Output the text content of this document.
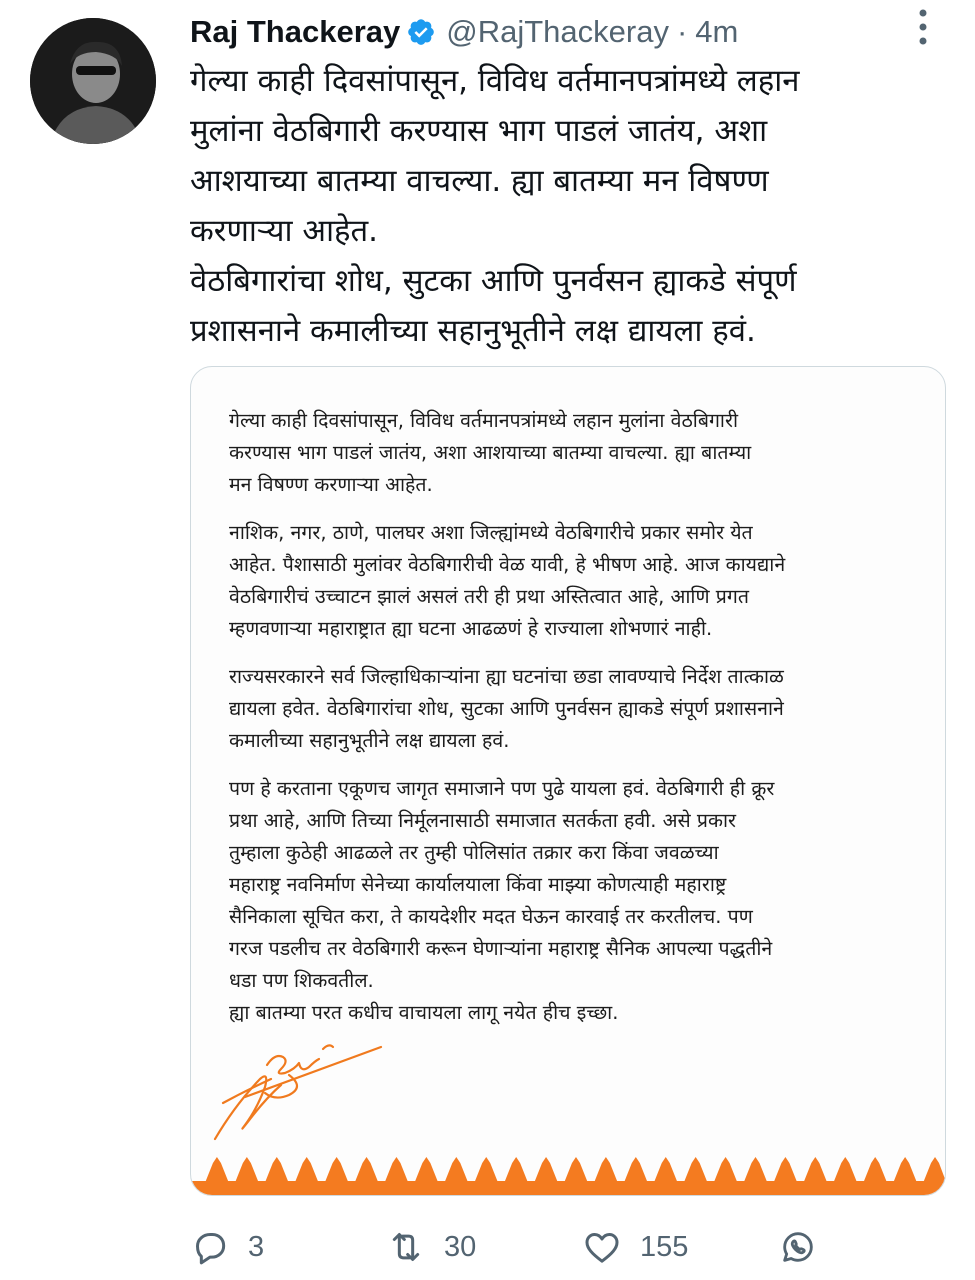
Raj Thackeray @RajThackeray · 4m

गेल्या काही दिवसांपासून, विविध वर्तमानपत्रांमध्ये लहान

मुलांना वेठबिगारी करण्यास भाग पाडलं जातंय, अशा

आशयाच्या बातम्या वाचल्या. ह्या बातम्या मन विषण्ण

करणाऱ्या आहेत.

वेठबिगारांचा शोध, सुटका आणि पुनर्वसन ह्याकडे संपूर्ण

प्रशासनाने कमालीच्या सहानुभूतीने लक्ष द्यायला हवं.

गेल्या काही दिवसांपासून, विविध वर्तमानपत्रांमध्ये लहान मुलांना वेठबिगारी
करण्यास भाग पाडलं जातंय, अशा आशयाच्या बातम्या वाचल्या. ह्या बातम्या
मन विषण्ण करणाऱ्या आहेत.
नाशिक, नगर, ठाणे, पालघर अशा जिल्ह्यांमध्ये वेठबिगारीचे प्रकार समोर येत
आहेत. पैशासाठी मुलांवर वेठबिगारीची वेळ यावी, हे भीषण आहे. आज कायद्याने
वेठबिगारीचं उच्चाटन झालं असलं तरी ही प्रथा अस्तित्वात आहे, आणि प्रगत
म्हणवणाऱ्या महाराष्ट्रात ह्या घटना आढळणं हे राज्याला शोभणारं नाही.
राज्यसरकारने सर्व जिल्हाधिकाऱ्यांना ह्या घटनांचा छडा लावण्याचे निर्देश तात्काळ
द्यायला हवेत. वेठबिगारांचा शोध, सुटका आणि पुनर्वसन ह्याकडे संपूर्ण प्रशासनाने
कमालीच्या सहानुभूतीने लक्ष द्यायला हवं.
पण हे करताना एकूणच जागृत समाजाने पण पुढे यायला हवं. वेठबिगारी ही क्रूर
प्रथा आहे, आणि तिच्या निर्मूलनासाठी समाजात सतर्कता हवी. असे प्रकार
तुम्हाला कुठेही आढळले तर तुम्ही पोलिसांत तक्रार करा किंवा जवळच्या
महाराष्ट्र नवनिर्माण सेनेच्या कार्यालयाला किंवा माझ्या कोणत्याही महाराष्ट्र
सैनिकाला सूचित करा, ते कायदेशीर मदत घेऊन कारवाई तर करतीलच. पण
गरज पडलीच तर वेठबिगारी करून घेणाऱ्यांना महाराष्ट्र सैनिक आपल्या पद्धतीने
धडा पण शिकवतील.
ह्या बातम्या परत कधीच वाचायला लागू नयेत हीच इच्छा.
3	30	155
